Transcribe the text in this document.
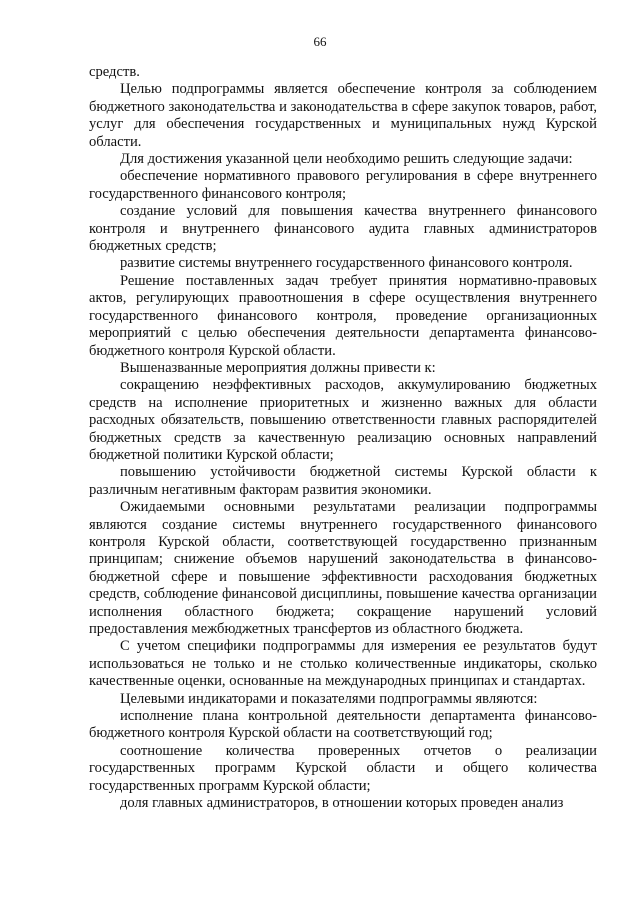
66

средств.

Целью подпрограммы является обеспечение контроля за соблюдением бюджетного законодательства и законодательства в сфере закупок товаров, работ, услуг для обеспечения государственных и муниципальных нужд Курской области.

Для достижения указанной цели необходимо решить следующие задачи:

обеспечение нормативного правового регулирования в сфере внутреннего государственного финансового контроля;

создание условий для повышения качества внутреннего финансового контроля и внутреннего финансового аудита главных администраторов бюджетных средств;

развитие системы внутреннего государственного финансового контроля.

Решение поставленных задач требует принятия нормативно-правовых актов, регулирующих правоотношения в сфере осуществления внутреннего государственного финансового контроля, проведение организационных мероприятий с целью обеспечения деятельности департамента финансово-бюджетного контроля Курской области.

Вышеназванные мероприятия должны привести к:

сокращению неэффективных расходов, аккумулированию бюджетных средств на исполнение приоритетных и жизненно важных для области расходных обязательств, повышению ответственности главных распорядителей бюджетных средств за качественную реализацию основных направлений бюджетной политики Курской области;

повышению устойчивости бюджетной системы Курской области к различным негативным факторам развития экономики.

Ожидаемыми основными результатами реализации подпрограммы являются создание системы внутреннего государственного финансового контроля Курской области, соответствующей государственно признанным принципам; снижение объемов нарушений законодательства в финансово-бюджетной сфере и повышение эффективности расходования бюджетных средств, соблюдение финансовой дисциплины, повышение качества организации исполнения областного бюджета; сокращение нарушений условий предоставления межбюджетных трансфертов из областного бюджета.

С учетом специфики подпрограммы для измерения ее результатов будут использоваться не только и не столько количественные индикаторы, сколько качественные оценки, основанные на международных принципах и стандартах.

Целевыми индикаторами и показателями подпрограммы являются:

исполнение плана контрольной деятельности департамента финансово-бюджетного контроля Курской области на соответствующий год;

соотношение количества проверенных отчетов о реализации государственных программ Курской области и общего количества государственных программ Курской области;

доля главных администраторов, в отношении которых проведен анализ
